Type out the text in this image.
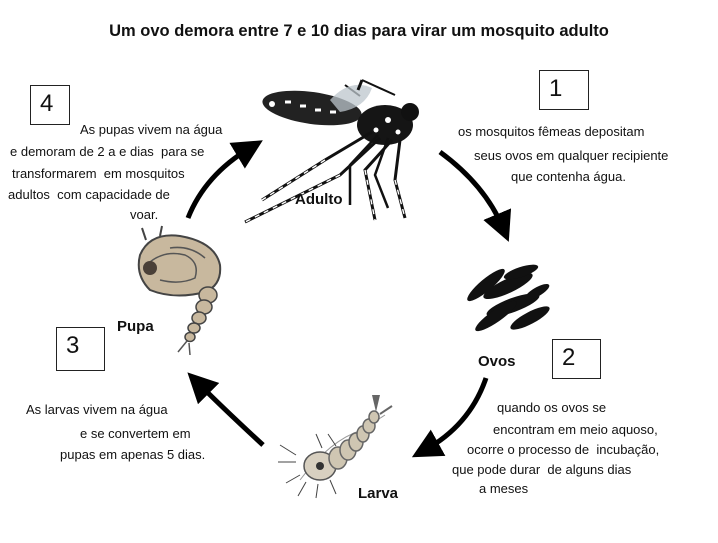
Um ovo demora entre 7 e 10 dias para virar um mosquito adulto
Adulto
Ovos
Larva
Pupa
1
2
3
4
os mosquitos fêmeas depositam
seus ovos em qualquer recipiente
que contenha água.
quando os ovos se
encontram em meio aquoso,
ocorre o processo de  incubação,
que pode durar  de alguns dias
a meses
As larvas vivem na água
e se convertem em
pupas em apenas 5 dias.
As pupas vivem na água
e demoram de 2 a e dias  para se
transformarem  em mosquitos
adultos  com capacidade de
voar.
